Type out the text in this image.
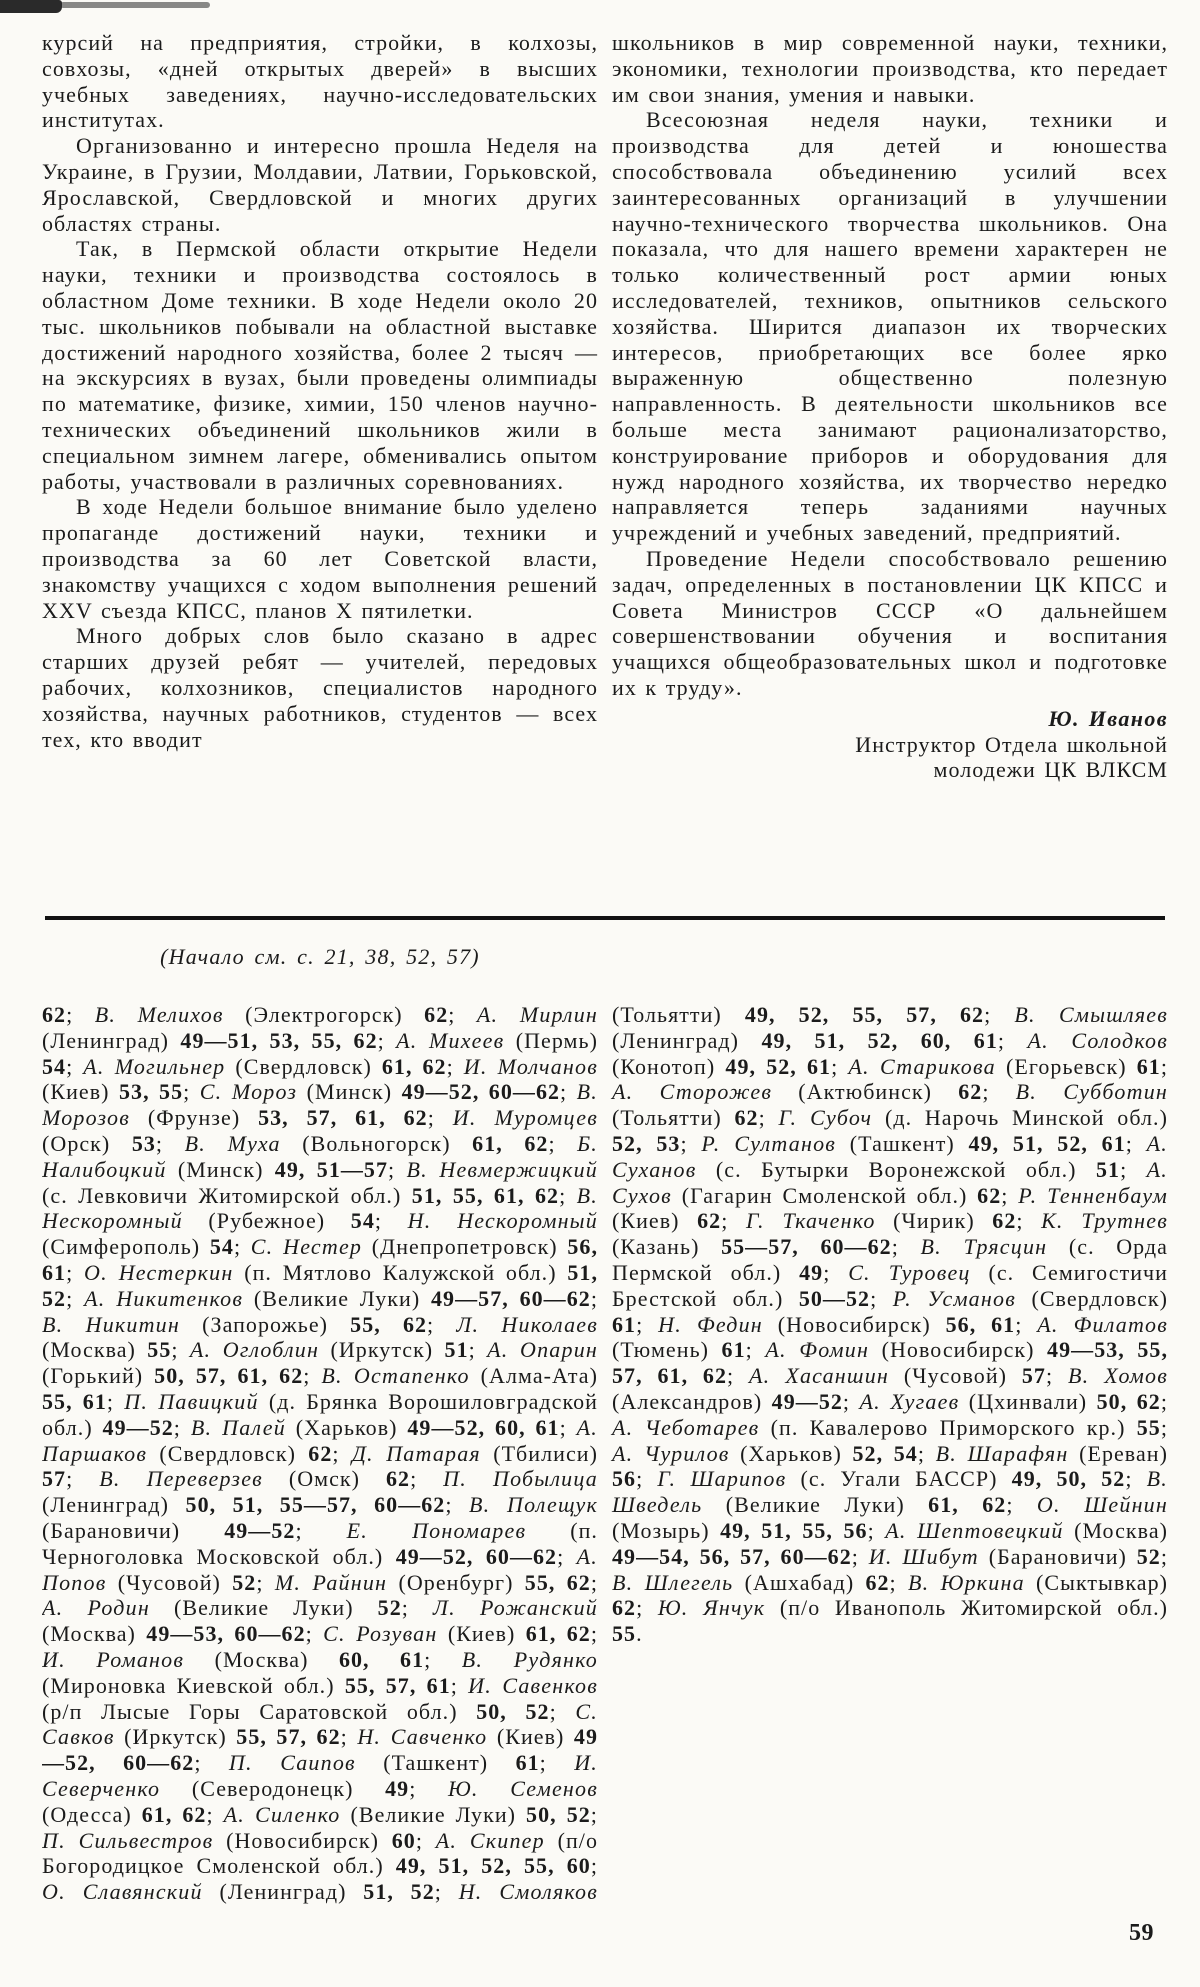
курсий на предприятия, стройки, в колхозы, совхозы, «дней открытых дверей» в высших учебных заведениях, научно-исследовательских институтах.

Организованно и интересно прошла Неделя на Украине, в Грузии, Молдавии, Латвии, Горьковской, Ярославской, Свердловской и многих других областях страны.

Так, в Пермской области открытие Недели науки, техники и производства состоялось в областном Доме техники. В ходе Недели около 20 тыс. школьников побывали на областной выставке достижений народного хозяйства, более 2 тысяч — на экскурсиях в вузах, были проведены олимпиады по математике, физике, химии, 150 членов научно-технических объединений школьников жили в специальном зимнем лагере, обменивались опытом работы, участвовали в различных соревнованиях.

В ходе Недели большое внимание было уделено пропаганде достижений науки, техники и производства за 60 лет Советской власти, знакомству учащихся с ходом выполнения решений XXV съезда КПСС, планов X пятилетки.

Много добрых слов было сказано в адрес старших друзей ребят — учителей, передовых рабочих, колхозников, специалистов народного хозяйства, научных работников, студентов — всех тех, кто вводит

школьников в мир современной науки, техники, экономики, технологии производства, кто передает им свои знания, умения и навыки.

Всесоюзная неделя науки, техники и производства для детей и юношества способствовала объединению усилий всех заинтересованных организаций в улучшении научно-технического творчества школьников. Она показала, что для нашего времени характерен не только количественный рост армии юных исследователей, техников, опытников сельского хозяйства. Ширится диапазон их творческих интересов, приобретающих все более ярко выраженную общественно полезную направленность. В деятельности школьников все больше места занимают рационализаторство, конструирование приборов и оборудования для нужд народного хозяйства, их творчество нередко направляется теперь заданиями научных учреждений и учебных заведений, предприятий.

Проведение Недели способствовало решению задач, определенных в постановлении ЦК КПСС и Совета Министров СССР «О дальнейшем совершенствовании обучения и воспитания учащихся общеобразовательных школ и подготовке их к труду».

Ю. Иванов

Инструктор Отдела школьной

молодежи ЦК ВЛКСМ

(Начало см. с. 21, 38, 52, 57)
62; В. Мелихов (Электрогорск) 62; А. Мирлин (Ленинград) 49—51, 53, 55, 62; А. Михеев (Пермь) 54; А. Могильнер (Свердловск) 61, 62; И. Молчанов (Киев) 53, 55; С. Мороз (Минск) 49—52, 60—62; В. Морозов (Фрунзе) 53, 57, 61, 62; И. Муромцев (Орск) 53; В. Муха (Вольногорск) 61, 62; Б. Налибоцкий (Минск) 49, 51—57; В. Невмержицкий (с. Левковичи Житомирской обл.) 51, 55, 61, 62; В. Нескоромный (Рубежное) 54; Н. Нескоромный (Симферополь) 54; С. Нестер (Днепропетровск) 56, 61; О. Нестеркин (п. Мятлово Калужской обл.) 51, 52; А. Никитенков (Великие Луки) 49—57, 60—62; В. Никитин (Запорожье) 55, 62; Л. Николаев (Москва) 55; А. Оглоблин (Иркутск) 51; А. Опарин (Горький) 50, 57, 61, 62; В. Остапенко (Алма-Ата) 55, 61; П. Павицкий (д. Брянка Ворошиловградской обл.) 49—52; В. Палей (Харьков) 49—52, 60, 61; А. Паршаков (Свердловск) 62; Д. Патарая (Тбилиси) 57; В. Переверзев (Омск) 62; П. Побылица (Ленинград) 50, 51, 55—57, 60—62; В. Полещук (Барановичи) 49—52; Е. Пономарев (п. Черноголовка Московской обл.) 49—52, 60—62; А. Попов (Чусовой) 52; М. Райнин (Оренбург) 55, 62; А. Родин (Великие Луки) 52; Л. Рожанский (Москва) 49—53, 60—62; С. Розуван (Киев) 61, 62; И. Романов (Москва) 60, 61; В. Рудянко (Мироновка Киевской обл.) 55, 57, 61; И. Савенков (р/п Лысые Горы Саратовской обл.) 50, 52; С. Савков (Иркутск) 55, 57, 62; Н. Савченко (Киев) 49—52, 60—62; П. Саипов (Ташкент) 61; И. Северченко (Северодонецк) 49; Ю. Семенов (Одесса) 61, 62; А. Силенко (Великие Луки) 50, 52; П. Сильвестров (Новосибирск) 60; А. Скипер (п/о Богородицкое Смоленской обл.) 49, 51, 52, 55, 60; О. Славянский (Ленинград) 51, 52; Н. Смоляков (Тольятти) 49, 52, 55, 57, 62; В. Смышляев (Ленинград) 49, 51, 52, 60, 61; А. Солодков (Конотоп) 49, 52, 61; А. Старикова (Егорьевск) 61; А. Сторожев (Актюбинск) 62; В. Субботин (Тольятти) 62; Г. Субоч (д. Нарочь Минской обл.) 52, 53; Р. Султанов (Ташкент) 49, 51, 52, 61; А. Суханов (с. Бутырки Воронежской обл.) 51; А. Сухов (Гагарин Смоленской обл.) 62; Р. Тенненбаум (Киев) 62; Г. Ткаченко (Чирик) 62; К. Трутнев (Казань) 55—57, 60—62; В. Трясцин (с. Орда Пермской обл.) 49; С. Туровец (с. Семигостичи Брестской обл.) 50—52; Р. Усманов (Свердловск) 61; Н. Федин (Новосибирск) 56, 61; А. Филатов (Тюмень) 61; А. Фомин (Новосибирск) 49—53, 55, 57, 61, 62; А. Хасаншин (Чусовой) 57; В. Хомов (Александров) 49—52; А. Хугаев (Цхинвали) 50, 62; А. Чеботарев (п. Кавалерово Приморского кр.) 55; А. Чурилов (Харьков) 52, 54; В. Шарафян (Ереван) 56; Г. Шарипов (с. Угали БАССР) 49, 50, 52; В. Шведель (Великие Луки) 61, 62; О. Шейнин (Мозырь) 49, 51, 55, 56; А. Шептовецкий (Москва) 49—54, 56, 57, 60—62; И. Шибут (Барановичи) 52; В. Шлегель (Ашхабад) 62; В. Юркина (Сыктывкар) 62; Ю. Янчук (п/о Иванополь Житомирской обл.) 55.
59
